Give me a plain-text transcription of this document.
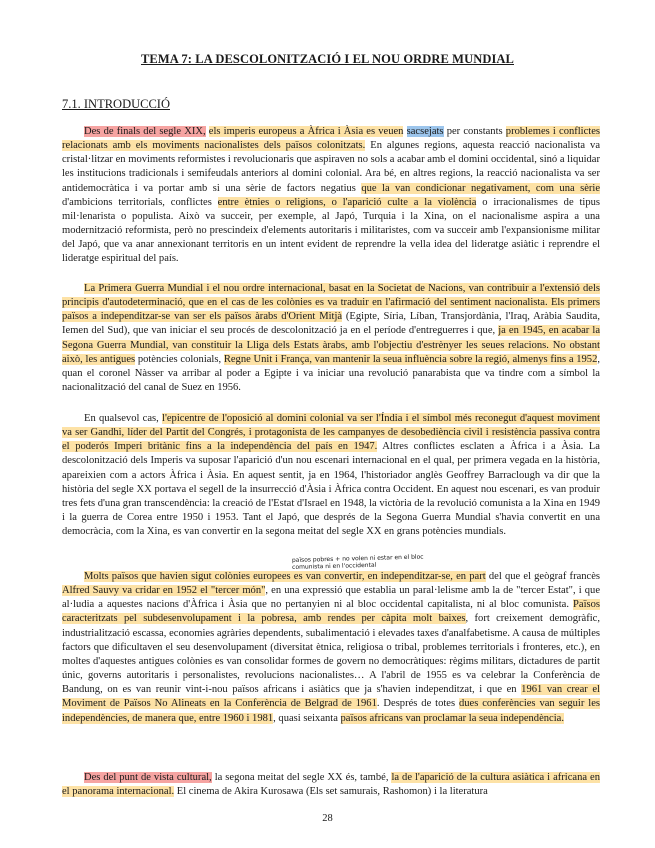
TEMA 7: LA DESCOLONITZACIÓ I EL NOU ORDRE MUNDIAL
7.1. INTRODUCCIÓ

Des de finals del segle XIX, els imperis europeus a Àfrica i Àsia es veuen sacsejats per constants problemes i conflictes relacionats amb els moviments nacionalistes dels països colonitzats. En algunes regions, aquesta reacció nacionalista va cristal·litzar en moviments reformistes i revolucionaris que aspiraven no sols a acabar amb el domini occidental, sinó a liquidar les institucions tradicionals i semifeudals anteriors al domini colonial. Ara bé, en altres regions, la reacció nacionalista va ser antidemocràtica i va portar amb si una sèrie de factors negatius que la van condicionar negativament, com una sèrie d'ambicions territorials, conflictes entre ètnies o religions, o l'aparició culte a la violència o irracionalismes de tipus mil·lenarista o populista. Això va succeir, per exemple, al Japó, Turquia i la Xina, on el nacionalisme aspira a una modernització reformista, però no prescindeix d'elements autoritaris i militaristes, com va succeir amb l'expansionisme militar del Japó, que va anar annexionant territoris en un intent evident de reprendre la vella idea del lideratge asiàtic i reprendre el lideratge espiritual del país.

La Primera Guerra Mundial i el nou ordre internacional, basat en la Societat de Nacions, van contribuir a l'extensió dels principis d'autodeterminació, que en el cas de les colònies es va traduir en l'afirmació del sentiment nacionalista. Els primers països a independitzar-se van ser els països àrabs d'Orient Mitjà (Egipte, Síria, Líban, Transjordània, l'Iraq, Aràbia Saudita, Iemen del Sud), que van iniciar el seu procés de descolonització ja en el període d'entreguerres i que, ja en 1945, en acabar la Segona Guerra Mundial, van constituir la Lliga dels Estats àrabs, amb l'objectiu d'estrènyer les seues relacions. No obstant això, les antigues potències colonials, Regne Unit i França, van mantenir la seua influència sobre la regió, almenys fins a 1952, quan el coronel Nàsser va arribar al poder a Egipte i va iniciar una revolució panarabista que va tindre com a símbol la nacionalització del canal de Suez en 1956.

En qualsevol cas, l'epicentre de l'oposició al domini colonial va ser l'Índia i el símbol més reconegut d'aquest moviment va ser Gandhi, líder del Partit del Congrés, i protagonista de les campanyes de desobediència civil i resistència passiva contra el poderós Imperi britànic fins a la independència del país en 1947. Altres conflictes esclaten a Àfrica i a Àsia. La descolonització dels Imperis va suposar l'aparició d'un nou escenari internacional en el qual, per primera vegada en la història, apareixien com a actors Àfrica i Àsia. En aquest sentit, ja en 1964, l'historiador anglès Geoffrey Barraclough va dir que la història del segle XX portava el segell de la insurrecció d'Àsia i Àfrica contra Occident. En aquest nou escenari, es van produir tres fets d'una gran transcendència: la creació de l'Estat d'Israel en 1948, la victòria de la revolució comunista a la Xina en 1949 i la guerra de Corea entre 1950 i 1953. Tant el Japó, que després de la Segona Guerra Mundial s'havia convertit en una democràcia, com la Xina, es van convertir en la segona meitat del segle XX en grans potències mundials.

Molts països que havien sigut colònies europees es van convertir, en independitzar-se, en part del que el geògraf francès Alfred Sauvy va cridar en 1952 el "tercer món", en una expressió que establia un paral·lelisme amb la de "tercer Estat", i que al·ludia a aquestes nacions d'Àfrica i Àsia que no pertanyien ni al bloc occidental capitalista, ni al bloc comunista. Països caracteritzats pel subdesenvolupament i la pobresa, amb rendes per càpita molt baixes, fort creixement demogràfic, industrialització escassa, economies agràries dependents, subalimentació i elevades taxes d'analfabetisme. A causa de múltiples factors que dificultaven el seu desenvolupament (diversitat ètnica, religiosa o tribal, problemes territorials i fronteres, etc.), en moltes d'aquestes antigues colònies es van consolidar formes de govern no democràtiques: règims militars, dictadures de partit únic, governs autoritaris i personalistes, revolucions nacionalistes… A l'abril de 1955 es va celebrar la Conferència de Bandung, on es van reunir vint-i-nou països africans i asiàtics que ja s'havien independitzat, i que en 1961 van crear el Moviment de Països No Alineats en la Conferència de Belgrad de 1961. Després de totes dues conferències van seguir les independències, de manera que, entre 1960 i 1981, quasi seixanta països africans van proclamar la seua independència.

Des del punt de vista cultural, la segona meitat del segle XX és, també, la de l'aparició de la cultura asiàtica i africana en el panorama internacional. El cinema de Akira Kurosawa (Els set samurais, Rashomon) i la literatura

països pobres + no volen ni estar en el bloc comunista ni en l'occidental
28
